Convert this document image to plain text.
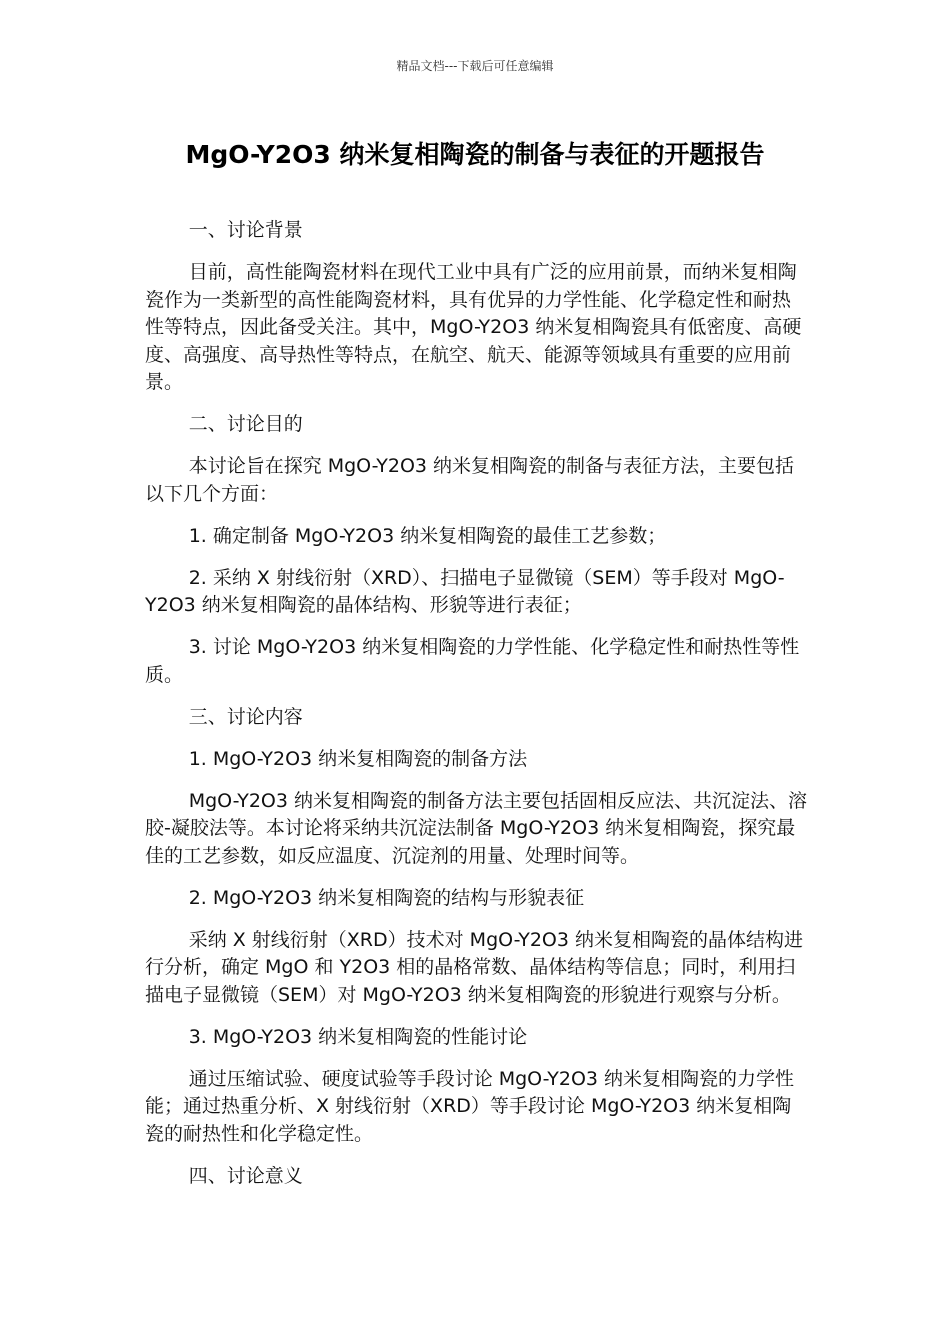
精品文档---下载后可任意编辑
MgO-Y2O3 纳米复相陶瓷的制备与表征的开题报告

一、讨论背景

目前，高性能陶瓷材料在现代工业中具有广泛的应用前景，而纳米复相陶瓷作为一类新型的高性能陶瓷材料，具有优异的力学性能、化学稳定性和耐热性等特点，因此备受关注。其中，MgO-Y2O3 纳米复相陶瓷具有低密度、高硬度、高强度、高导热性等特点，在航空、航天、能源等领域具有重要的应用前景。

二、讨论目的

本讨论旨在探究 MgO-Y2O3 纳米复相陶瓷的制备与表征方法，主要包括以下几个方面：

1. 确定制备 MgO-Y2O3 纳米复相陶瓷的最佳工艺参数；

2. 采纳 X 射线衍射（XRD）、扫描电子显微镜（SEM）等手段对 MgO-Y2O3 纳米复相陶瓷的晶体结构、形貌等进行表征；

3. 讨论 MgO-Y2O3 纳米复相陶瓷的力学性能、化学稳定性和耐热性等性质。

三、讨论内容

1. MgO-Y2O3 纳米复相陶瓷的制备方法

MgO-Y2O3 纳米复相陶瓷的制备方法主要包括固相反应法、共沉淀法、溶胶-凝胶法等。本讨论将采纳共沉淀法制备 MgO-Y2O3 纳米复相陶瓷，探究最佳的工艺参数，如反应温度、沉淀剂的用量、处理时间等。

2. MgO-Y2O3 纳米复相陶瓷的结构与形貌表征

采纳 X 射线衍射（XRD）技术对 MgO-Y2O3 纳米复相陶瓷的晶体结构进行分析，确定 MgO 和 Y2O3 相的晶格常数、晶体结构等信息；同时，利用扫描电子显微镜（SEM）对 MgO-Y2O3 纳米复相陶瓷的形貌进行观察与分析。

3. MgO-Y2O3 纳米复相陶瓷的性能讨论

通过压缩试验、硬度试验等手段讨论 MgO-Y2O3 纳米复相陶瓷的力学性能；通过热重分析、X 射线衍射（XRD）等手段讨论 MgO-Y2O3 纳米复相陶瓷的耐热性和化学稳定性。

四、讨论意义
